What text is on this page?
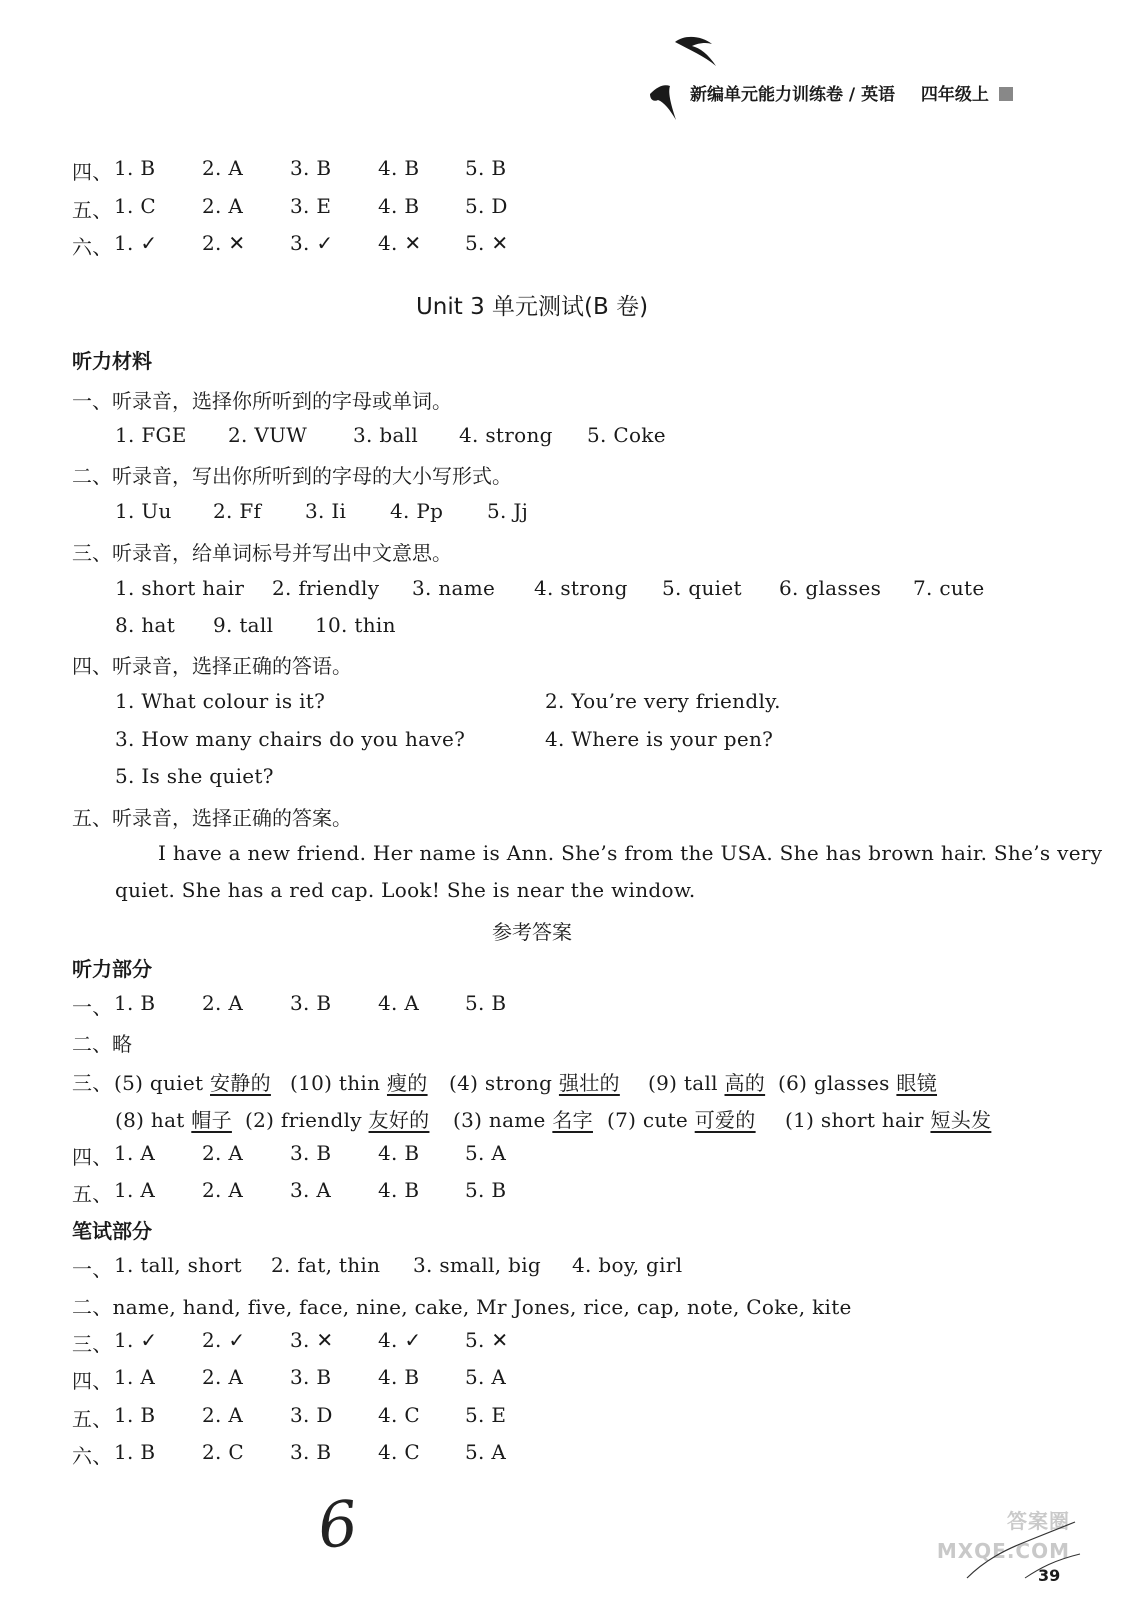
新编单元能力训练卷 / 英语 四年级上
四、 1. B 2. A 3. B 4. B 5. B
五、 1. C 2. A 3. E 4. B 5. D
六、 1. ✓ 2. ✕ 3. ✓ 4. ✕ 5. ✕
Unit 3 单元测试(B 卷)
听力材料
一、听录音，选择你所听到的字母或单词。
1. FGE 2. VUW 3. ball 4. strong 5. Coke
二、听录音，写出你所听到的字母的大小写形式。
1. Uu 2. Ff 3. Ii 4. Pp 5. Jj
三、听录音，给单词标号并写出中文意思。
1. short hair 2. friendly 3. name 4. strong 5. quiet 6. glasses 7. cute
8. hat 9. tall 10. thin
四、听录音，选择正确的答语。
1. What colour is it?	2. You’re very friendly.
3. How many chairs do you have?	4. Where is your pen?
5. Is she quiet?
五、听录音，选择正确的答案。
I have a new friend. Her name is Ann. She’s from the USA. She has brown hair. She’s very
quiet. She has a red cap. Look! She is near the window.
参考答案
听力部分
一、 1. B 2. A 3. B 4. A 5. B
二、略
三、 (5) quiet 安静的 (10) thin 瘦的 (4) strong 强壮的 (9) tall 高的 (6) glasses 眼镜
(8) hat 帽子 (2) friendly 友好的 (3) name 名字 (7) cute 可爱的 (1) short hair 短头发
四、 1. A 2. A 3. B 4. B 5. A
五、 1. A 2. A 3. A 4. B 5. B
笔试部分
一、 1. tall, short 2. fat, thin 3. small, big 4. boy, girl
二、name, hand, five, face, nine, cake, Mr Jones, rice, cap, note, Coke, kite
三、 1. ✓ 2. ✓ 3. ✕ 4. ✓ 5. ✕
四、 1. A 2. A 3. B 4. B 5. A
五、 1. B 2. A 3. D 4. C 5. E
六、 1. B 2. C 3. B 4. C 5. A
6	答案圈 MXQE.COM
39
